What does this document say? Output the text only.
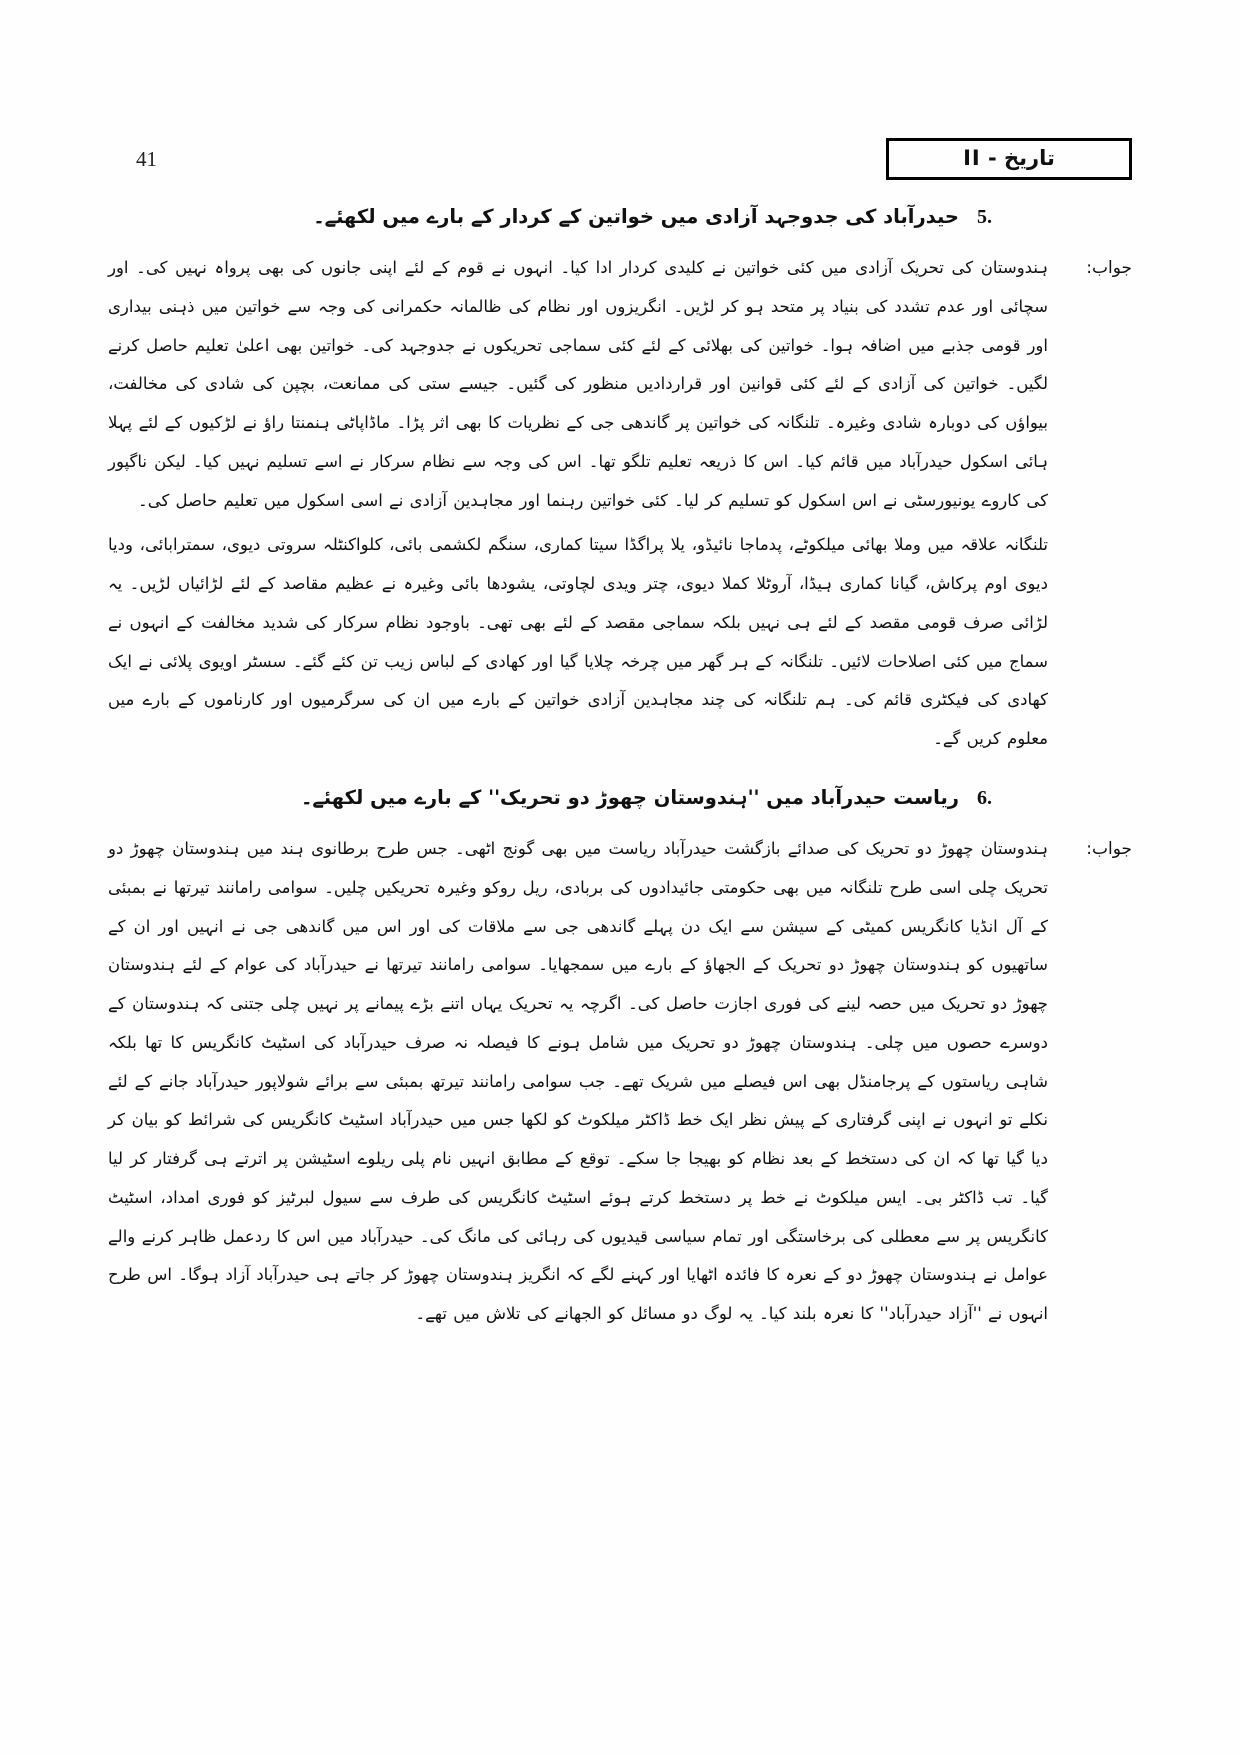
41	تاریخ - II
5.
حیدرآباد کی جدوجہد آزادی میں خواتین کے کردار کے بارے میں لکھئے۔
جواب:

ہندوستان کی تحریک آزادی میں کئی خواتین نے کلیدی کردار ادا کیا۔ انہوں نے قوم کے لئے اپنی جانوں کی بھی پرواہ نہیں کی۔ اور سچائی اور عدم تشدد کی بنیاد پر متحد ہو کر لڑیں۔ انگریزوں اور نظام کی ظالمانہ حکمرانی کی وجہ سے خواتین میں ذہنی بیداری اور قومی جذبے میں اضافہ ہوا۔ خواتین کی بھلائی کے لئے کئی سماجی تحریکوں نے جدوجہد کی۔ خواتین بھی اعلیٰ تعلیم حاصل کرنے لگیں۔ خواتین کی آزادی کے لئے کئی قوانین اور قراردادیں منظور کی گئیں۔ جیسے ستی کی ممانعت، بچپن کی شادی کی مخالفت، بیواؤں کی دوبارہ شادی وغیرہ۔ تلنگانہ کی خواتین پر گاندھی جی کے نظریات کا بھی اثر پڑا۔ ماڈاپاٹی ہنمنتا راؤ نے لڑکیوں کے لئے پہلا ہائی اسکول حیدرآباد میں قائم کیا۔ اس کا ذریعہ تعلیم تلگو تھا۔ اس کی وجہ سے نظام سرکار نے اسے تسلیم نہیں کیا۔ لیکن ناگپور کی کاروے یونیورسٹی نے اس اسکول کو تسلیم کر لیا۔ کئی خواتین رہنما اور مجاہدین آزادی نے اسی اسکول میں تعلیم حاصل کی۔

تلنگانہ علاقہ میں وملا بھائی میلکوٹے، پدماجا نائیڈو، یلا پراگڈا سیتا کماری، سنگم لکشمی بائی، کلواکنٹلہ سروتی دیوی، سمترابائی، ودیا دیوی اوم پرکاش، گیانا کماری ہیڈا، آروٹلا کملا دیوی، چتر ویدی لچاوتی، یشودھا بائی وغیرہ نے عظیم مقاصد کے لئے لڑائیاں لڑیں۔ یہ لڑائی صرف قومی مقصد کے لئے ہی نہیں بلکہ سماجی مقصد کے لئے بھی تھی۔ باوجود نظام سرکار کی شدید مخالفت کے انہوں نے سماج میں کئی اصلاحات لائیں۔ تلنگانہ کے ہر گھر میں چرخہ چلایا گیا اور کھادی کے لباس زیب تن کئے گئے۔ سسٹر اویوی پلائی نے ایک کھادی کی فیکٹری قائم کی۔ ہم تلنگانہ کی چند مجاہدین آزادی خواتین کے بارے میں ان کی سرگرمیوں اور کارناموں کے بارے میں معلوم کریں گے۔

6.
ریاست حیدرآباد میں ''ہندوستان چھوڑ دو تحریک'' کے بارے میں لکھئے۔
جواب:

ہندوستان چھوڑ دو تحریک کی صدائے بازگشت حیدرآباد ریاست میں بھی گونج اٹھی۔ جس طرح برطانوی ہند میں ہندوستان چھوڑ دو تحریک چلی اسی طرح تلنگانہ میں بھی حکومتی جائیدادوں کی بربادی، ریل روکو وغیرہ تحریکیں چلیں۔ سوامی رامانند تیرتھا نے بمبئی کے آل انڈیا کانگریس کمیٹی کے سیشن سے ایک دن پہلے گاندھی جی سے ملاقات کی اور اس میں گاندھی جی نے انہیں اور ان کے ساتھیوں کو ہندوستان چھوڑ دو تحریک کے الجھاؤ کے بارے میں سمجھایا۔ سوامی رامانند تیرتھا نے حیدرآباد کی عوام کے لئے ہندوستان چھوڑ دو تحریک میں حصہ لینے کی فوری اجازت حاصل کی۔ اگرچہ یہ تحریک یہاں اتنے بڑے پیمانے پر نہیں چلی جتنی کہ ہندوستان کے دوسرے حصوں میں چلی۔ ہندوستان چھوڑ دو تحریک میں شامل ہونے کا فیصلہ نہ صرف حیدرآباد کی اسٹیٹ کانگریس کا تھا بلکہ شاہی ریاستوں کے پرجامنڈل بھی اس فیصلے میں شریک تھے۔ جب سوامی رامانند تیرتھ بمبئی سے برائے شولاپور حیدرآباد جانے کے لئے نکلے تو انہوں نے اپنی گرفتاری کے پیش نظر ایک خط ڈاکٹر میلکوٹ کو لکھا جس میں حیدرآباد اسٹیٹ کانگریس کی شرائط کو بیان کر دیا گیا تھا کہ ان کی دستخط کے بعد نظام کو بھیجا جا سکے۔ توقع کے مطابق انہیں نام پلی ریلوے اسٹیشن پر اترتے ہی گرفتار کر لیا گیا۔ تب ڈاکٹر بی۔ ایس میلکوٹ نے خط پر دستخط کرتے ہوئے اسٹیٹ کانگریس کی طرف سے سیول لبرٹیز کو فوری امداد، اسٹیٹ کانگریس پر سے معطلی کی برخاستگی اور تمام سیاسی قیدیوں کی رہائی کی مانگ کی۔ حیدرآباد میں اس کا ردعمل ظاہر کرنے والے عوامل نے ہندوستان چھوڑ دو کے نعرہ کا فائدہ اٹھایا اور کہنے لگے کہ انگریز ہندوستان چھوڑ کر جاتے ہی حیدرآباد آزاد ہوگا۔ اس طرح انہوں نے ''آزاد حیدرآباد'' کا نعرہ بلند کیا۔ یہ لوگ دو مسائل کو الجھانے کی تلاش میں تھے۔
